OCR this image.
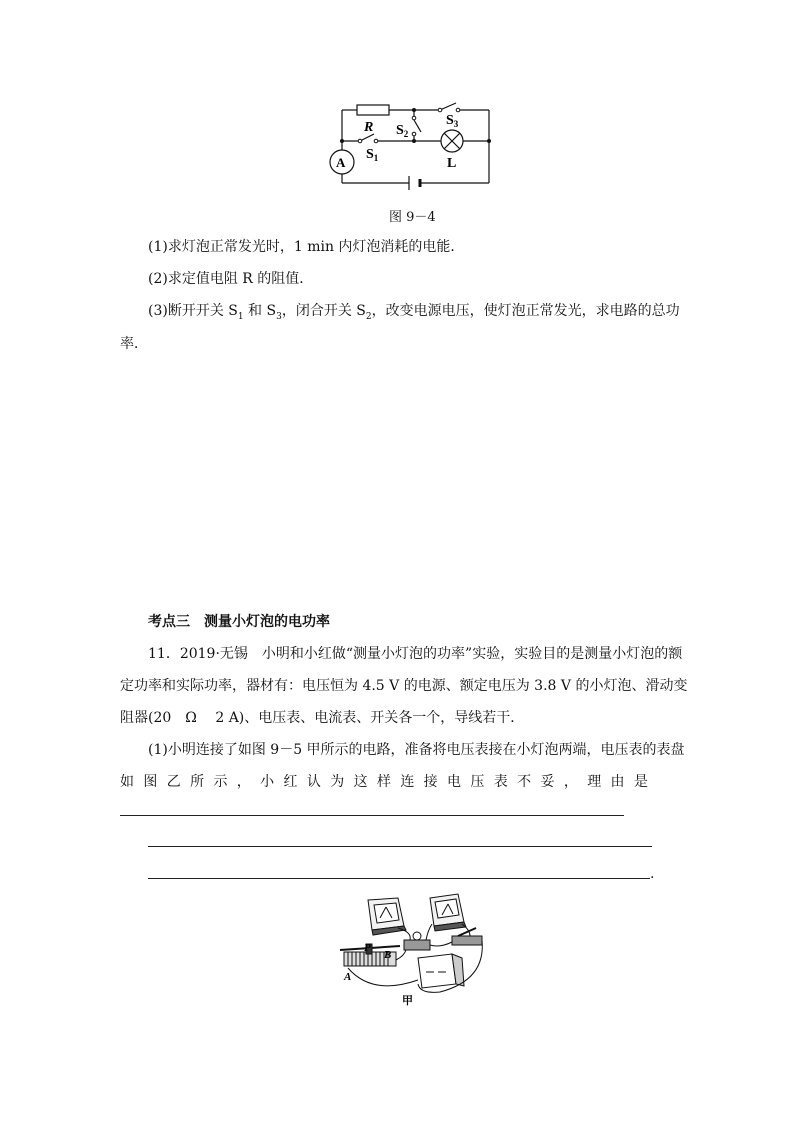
R
A
$S_1$
$S_2$
$S_3$
L
图 9－4
(1)求灯泡正常发光时，1 min 内灯泡消耗的电能．
(2)求定值电阻 R 的阻值．
(3)断开开关 $S_1$ 和 $S_3$，闭合开关 $S_2$，改变电源电压，使灯泡正常发光，求电路的总功
率．
考点三　测量小灯泡的电功率
11．2019·无锡　小明和小红做“测量小灯泡的功率”实验，实验目的是测量小灯泡的额
定功率和实际功率，器材有：电压恒为 4.5 V 的电源、额定电压为 3.8 V 的小灯泡、滑动变
阻器(20　Ω　 2 A)、电压表、电流表、开关各一个，导线若干．
(1)小明连接了如图 9－5 甲所示的电路，准备将电压表接在小灯泡两端，电压表的表盘
如 图 乙 所 示 ， 小 红 认 为 这 样 连 接 电 压 表 不 妥 ， 理 由 是
.
P
B
A
甲
